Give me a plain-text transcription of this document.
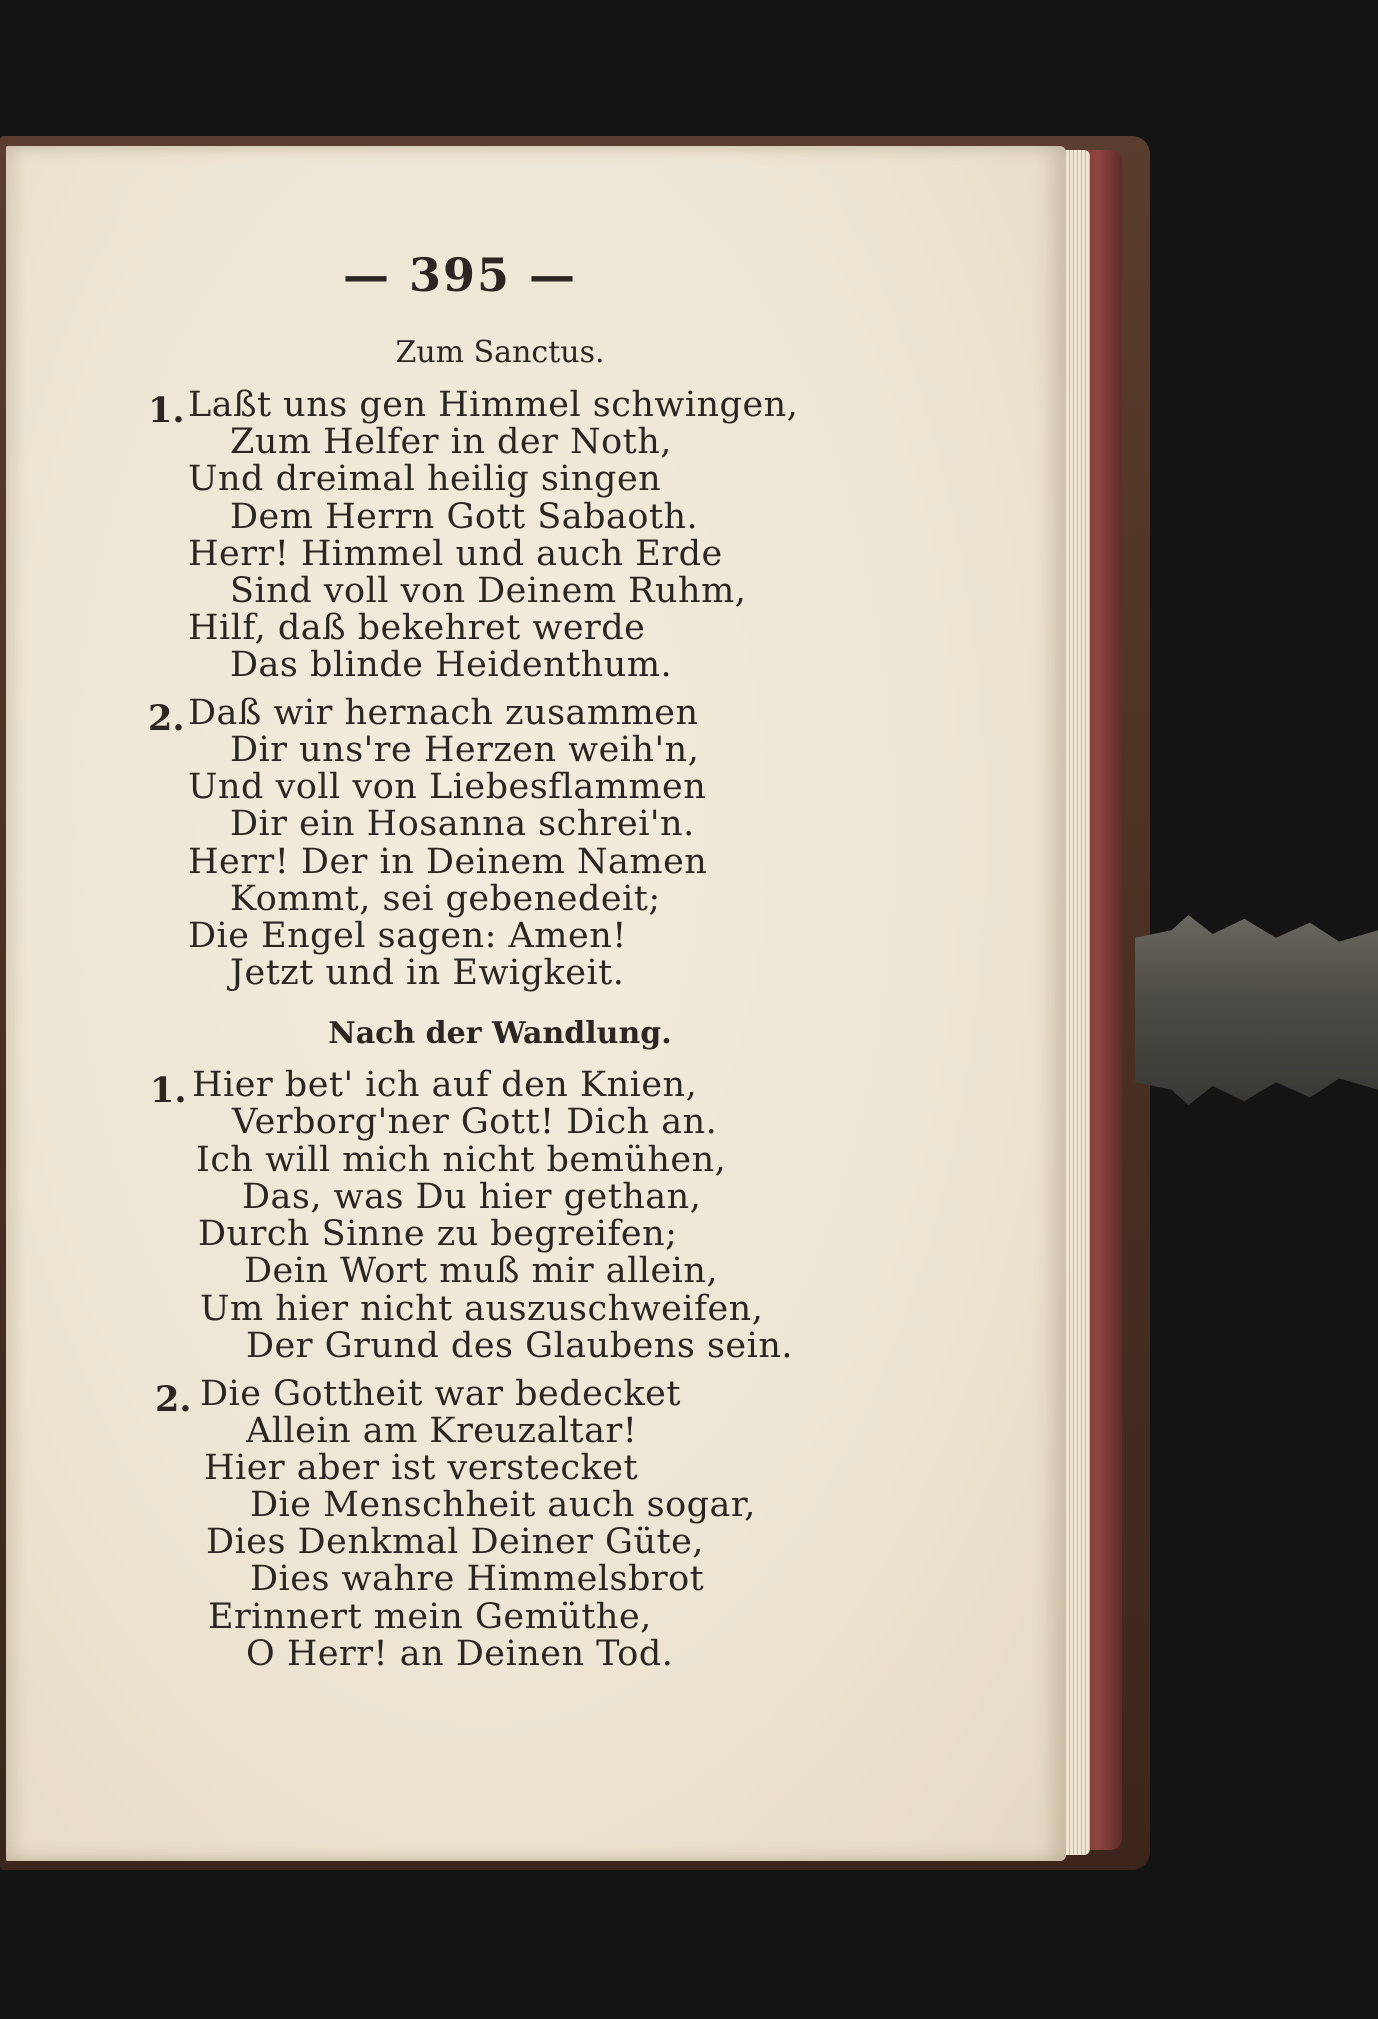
— 395 —
Zum Sanctus.
1. Laßt uns gen Himmel schwingen,
Zum Helfer in der Noth,
Und dreimal heilig singen
Dem Herrn Gott Sabaoth.
Herr! Himmel und auch Erde
Sind voll von Deinem Ruhm,
Hilf, daß bekehret werde
Das blinde Heidenthum.
2. Daß wir hernach zusammen
Dir uns're Herzen weih'n,
Und voll von Liebesflammen
Dir ein Hosanna schrei'n.
Herr! Der in Deinem Namen
Kommt, sei gebenedeit;
Die Engel sagen: Amen!
Jetzt und in Ewigkeit.
Nach der Wandlung.
1. Hier bet' ich auf den Knien,
Verborg'ner Gott! Dich an.
Ich will mich nicht bemühen,
Das, was Du hier gethan,
Durch Sinne zu begreifen;
Dein Wort muß mir allein,
Um hier nicht auszuschweifen,
Der Grund des Glaubens sein.
2. Die Gottheit war bedecket
Allein am Kreuzaltar!
Hier aber ist verstecket
Die Menschheit auch sogar,
Dies Denkmal Deiner Güte,
Dies wahre Himmelsbrot
Erinnert mein Gemüthe,
O Herr! an Deinen Tod.
